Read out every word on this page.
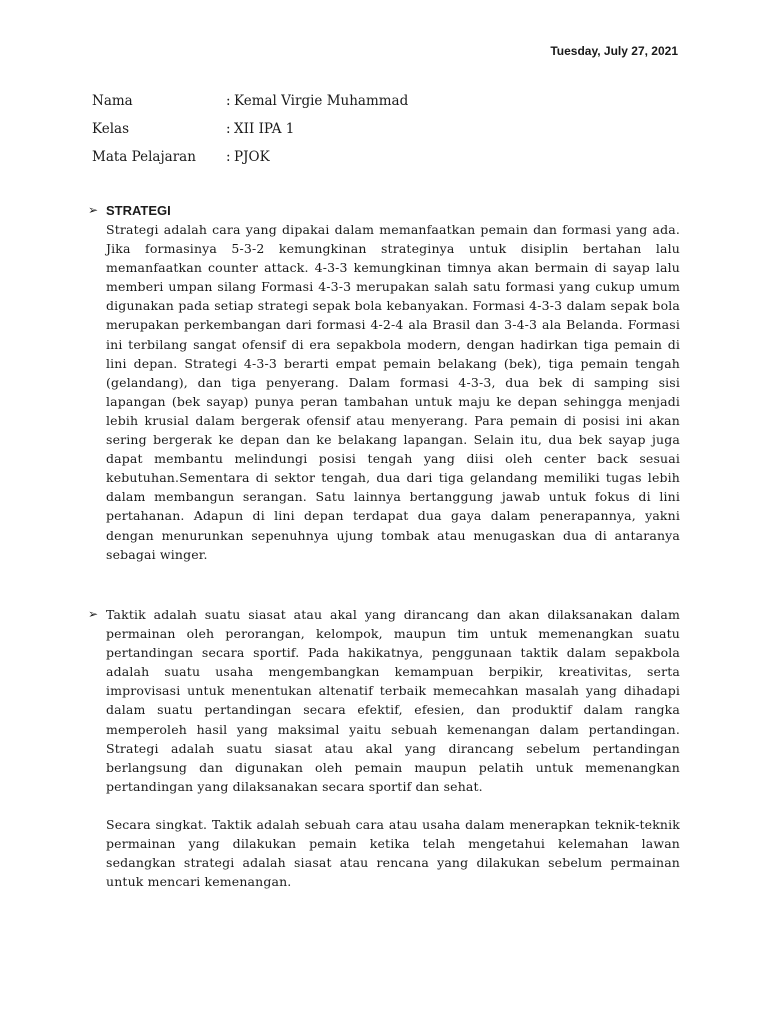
Tuesday, July 27, 2021
Nama	: Kemal Virgie Muhammad
Kelas	: XII IPA 1
Mata Pelajaran	: PJOK
➢ STRATEGI

Strategi adalah cara yang dipakai dalam memanfaatkan pemain dan formasi yang ada. Jika formasinya 5-3-2 kemungkinan strateginya untuk disiplin bertahan lalu memanfaatkan counter attack. 4-3-3 kemungkinan timnya akan bermain di sayap lalu memberi umpan silang Formasi 4-3-3 merupakan salah satu formasi yang cukup umum digunakan pada setiap strategi sepak bola kebanyakan. Formasi 4-3-3 dalam sepak bola merupakan perkembangan dari formasi 4-2-4 ala Brasil dan 3-4-3 ala Belanda. Formasi ini terbilang sangat ofensif di era sepakbola modern, dengan hadirkan tiga pemain di lini depan. Strategi 4-3-3 berarti empat pemain belakang (bek), tiga pemain tengah (gelandang), dan tiga penyerang. Dalam formasi 4-3-3, dua bek di samping sisi lapangan (bek sayap) punya peran tambahan untuk maju ke depan sehingga menjadi lebih krusial dalam bergerak ofensif atau menyerang. Para pemain di posisi ini akan sering bergerak ke depan dan ke belakang lapangan. Selain itu, dua bek sayap juga dapat membantu melindungi posisi tengah yang diisi oleh center back sesuai kebutuhan.Sementara di sektor tengah, dua dari tiga gelandang memiliki tugas lebih dalam membangun serangan. Satu lainnya bertanggung jawab untuk fokus di lini pertahanan. Adapun di lini depan terdapat dua gaya dalam penerapannya, yakni dengan menurunkan sepenuhnya ujung tombak atau menugaskan dua di antaranya sebagai winger.

➢ Taktik adalah suatu siasat atau akal yang dirancang dan akan dilaksanakan dalam permainan oleh perorangan, kelompok, maupun tim untuk memenangkan suatu pertandingan secara sportif. Pada hakikatnya, penggunaan taktik dalam sepakbola adalah suatu usaha mengembangkan kemampuan berpikir, kreativitas, serta improvisasi untuk menentukan altenatif terbaik memecahkan masalah yang dihadapi dalam suatu pertandingan secara efektif, efesien, dan produktif dalam rangka memperoleh hasil yang maksimal yaitu sebuah kemenangan dalam pertandingan. Strategi adalah suatu siasat atau akal yang dirancang sebelum pertandingan berlangsung dan digunakan oleh pemain maupun pelatih untuk memenangkan pertandingan yang dilaksanakan secara sportif dan sehat.

Secara singkat. Taktik adalah sebuah cara atau usaha dalam menerapkan teknik-teknik permainan yang dilakukan pemain ketika telah mengetahui kelemahan lawan sedangkan strategi adalah siasat atau rencana yang dilakukan sebelum permainan untuk mencari kemenangan.
